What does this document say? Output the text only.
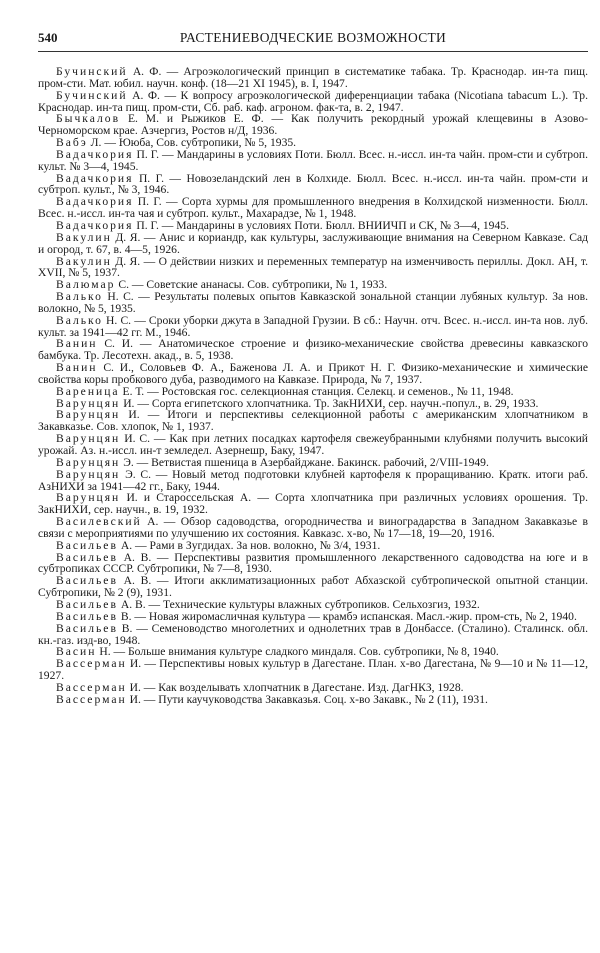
540	РАСТЕНИЕВОДЧЕСКИЕ ВОЗМОЖНОСТИ

Бучинский А. Ф. — Агроэкологический принцип в систематике табака. Тр. Краснодар. ин-та пищ. пром-сти. Мат. юбил. научн. конф. (18—21 XI 1945), в. I, 1947.

Бучинский А. Ф. — К вопросу агроэкологической диференциации табака (Nicotiana tabacum L.). Тр. Краснодар. ин-та пищ. пром-сти, Сб. раб. каф. агроном. фак-та, в. 2, 1947.

Бычкалов Е. М. и Рыжиков Е. Ф. — Как получить рекордный урожай клещевины в Азово-Черноморском крае. Азчергиз, Ростов н/Д, 1936.

Вабэ Л. — Ююба, Сов. субтропики, № 5, 1935.

Вадачкория П. Г. — Мандарины в условиях Поти. Бюлл. Всес. н.-иссл. ин-та чайн. пром-сти и субтроп. культ. № 3—4, 1945.

Вадачкория П. Г. — Новозеландский лен в Колхиде. Бюлл. Всес. н.-иссл. ин-та чайн. пром-сти и субтроп. культ., № 3, 1946.

Вадачкория П. Г. — Сорта хурмы для промышленного внедрения в Колхидской низменности. Бюлл. Всес. н.-иссл. ин-та чая и субтроп. культ., Махарадзе, № 1, 1948.

Вадачкория П. Г. — Мандарины в условиях Поти. Бюлл. ВНИИЧП и СК, № 3—4, 1945.

Вакулин Д. Я. — Анис и кориандр, как культуры, заслуживающие внимания на Северном Кавказе. Сад и огород, т. 67, в. 4—5, 1926.

Вакулин Д. Я. — О действии низких и переменных температур на изменчивость периллы. Докл. АН, т. XVII, № 5, 1937.

Валюмар С. — Советские ананасы. Сов. субтропики, № 1, 1933.

Валько Н. С. — Результаты полевых опытов Кавказской зональной станции лубяных культур. За нов. волокно, № 5, 1935.

Валько Н. С. — Сроки уборки джута в Западной Грузии. В сб.: Научн. отч. Всес. н.-иссл. ин-та нов. луб. культ. за 1941—42 гг. М., 1946.

Ванин С. И. — Анатомическое строение и физико-механические свойства древесины кавказского бамбука. Тр. Лесотехн. акад., в. 5, 1938.

Ванин С. И., Соловьев Ф. А., Баженова Л. А. и Прикот Н. Г. Физико-механические и химические свойства коры пробкового дуба, разводимого на Кавказе. Природа, № 7, 1937.

Вареница Е. Т. — Ростовская гос. селекционная станция. Селекц. и семенов., № 11, 1948.

Варунцян И. — Сорта египетского хлопчатника. Тр. ЗакНИХИ, сер. научн.-попул., в. 29, 1933.

Варунцян И. — Итоги и перспективы селекционной работы с американским хлопчатником в Закавказье. Сов. хлопок, № 1, 1937.

Варунцян И. С. — Как при летних посадках картофеля свежеубранными клубнями получить высокий урожай. Аз. н.-иссл. ин-т земледел. Азернешр, Баку, 1947.

Варунцян Э. — Ветвистая пшеница в Азербайджане. Бакинск. рабочий, 2/VIII-1949.

Варунцян Э. С. — Новый метод подготовки клубней картофеля к проращиванию. Кратк. итоги раб. АзНИХИ за 1941—42 гг., Баку, 1944.

Варунцян И. и Староссельская А. — Сорта хлопчатника при различных условиях орошения. Тр. ЗакНИХИ, сер. научн., в. 19, 1932.

Василевский А. — Обзор садоводства, огородничества и виноградарства в Западном Закавказье в связи с мероприятиями по улучшению их состояния. Кавказс. х-во, № 17—18, 19—20, 1916.

Васильев А. — Рами в Зугдидах. За нов. волокно, № 3/4, 1931.

Васильев А. В. — Перспективы развития промышленного лекарственного садоводства на юге и в субтропиках СССР. Субтропики, № 7—8, 1930.

Васильев А. В. — Итоги акклиматизационных работ Абхазской субтропической опытной станции. Субтропики, № 2 (9), 1931.

Васильев А. В. — Технические культуры влажных субтропиков. Сельхозгиз, 1932.

Васильев В. — Новая жиромасличная культура — крамбэ испанская. Масл.-жир. пром-сть, № 2, 1940.

Васильев В. — Семеноводство многолетних и однолетних трав в Донбассе. (Сталино). Сталинск. обл. кн.-газ. изд-во, 1948.

Васин Н. — Больше внимания культуре сладкого миндаля. Сов. субтропики, № 8, 1940.

Вассерман И. — Перспективы новых культур в Дагестане. План. х-во Дагестана, № 9—10 и № 11—12, 1927.

Вассерман И. — Как возделывать хлопчатник в Дагестане. Изд. ДагНКЗ, 1928.

Вассерман И. — Пути каучуководства Закавказья. Соц. х-во Закавк., № 2 (11), 1931.
